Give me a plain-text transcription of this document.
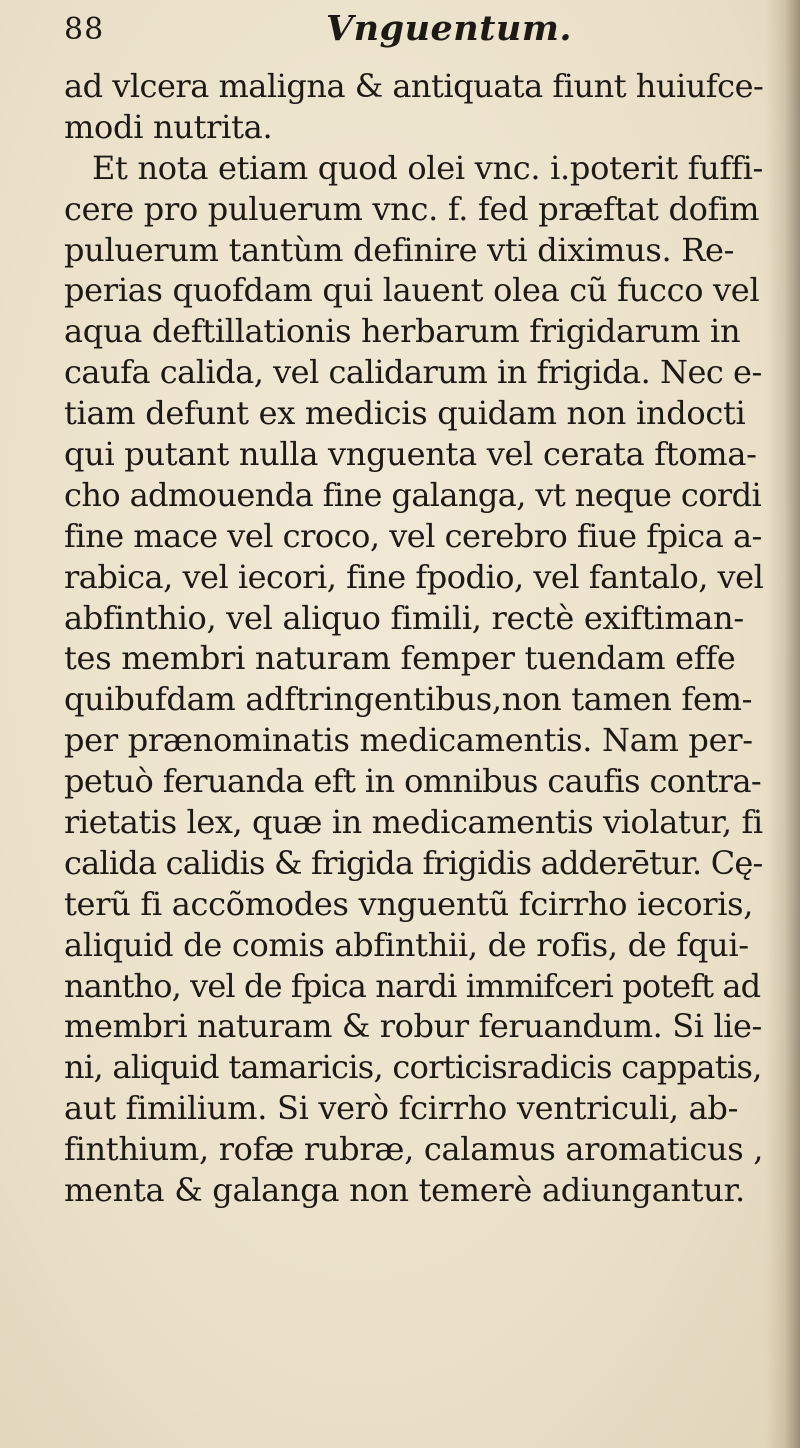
88	Vnguentum.
ad vlcera maligna & antiquata fiunt huiufce-
modi nutrita.
Et nota etiam quod olei vnc. i.poterit fuffi-
cere pro puluerum vnc. f. fed præftat dofim
puluerum tantùm definire vti diximus. Re-
perias quofdam qui lauent olea cũ fucco vel
aqua deftillationis herbarum frigidarum in
caufa calida, vel calidarum in frigida. Nec e-
tiam defunt ex medicis quidam non indocti
qui putant nulla vnguenta vel cerata ftoma-
cho admouenda fine galanga, vt neque cordi
fine mace vel croco, vel cerebro fiue fpica a-
rabica, vel iecori, fine fpodio, vel fantalo, vel
abfinthio, vel aliquo fimili, rectè exiftiman-
tes membri naturam femper tuendam effe
quibufdam adftringentibus,non tamen fem-
per prænominatis medicamentis. Nam per-
petuò feruanda eft in omnibus caufis contra-
rietatis lex, quæ in medicamentis violatur, fi
calida calidis & frigida frigidis adderētur. Cę-
terũ fi accõmodes vnguentũ fcirrho iecoris,
aliquid de comis abfinthii, de rofis, de fqui-
nantho, vel de fpica nardi immifceri poteft ad
membri naturam & robur feruandum. Si lie-
ni, aliquid tamaricis, corticisradicis cappatis,
aut fimilium. Si verò fcirrho ventriculi, ab-
finthium, rofæ rubræ, calamus aromaticus ,
menta & galanga non temerè adiungantur.
